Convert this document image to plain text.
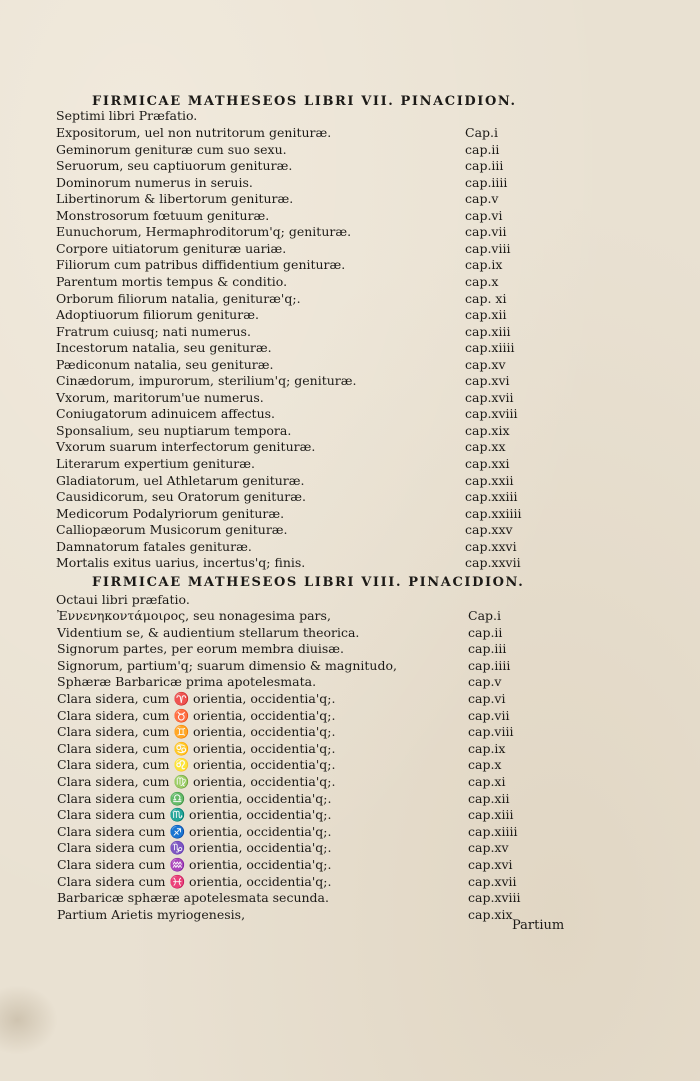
FIRMICAE MATHESEOS LIBRI VII. PINACIDION.
Septimi libri Præfatio.
Expositorum, uel non nutritorum genituræ.	Cap.i
Geminorum genituræ cum suo sexu.	cap.ii
Seruorum, seu captiuorum genituræ.	cap.iii
Dominorum numerus in seruis.	cap.iiii
Libertinorum & libertorum genituræ.	cap.v
Monstrosorum fœtuum genituræ.	cap.vi
Eunuchorum, Hermaphroditorum'q; genituræ.	cap.vii
Corpore uitiatorum genituræ uariæ.	cap.viii
Filiorum cum patribus diffidentium genituræ.	cap.ix
Parentum mortis tempus & conditio.	cap.x
Orborum filiorum natalia, genituræ'q;.	cap. xi
Adoptiuorum filiorum genituræ.	cap.xii
Fratrum cuiusq; nati numerus.	cap.xiii
Incestorum natalia, seu genituræ.	cap.xiiii
Pædiconum natalia, seu genituræ.	cap.xv
Cinædorum, impurorum, sterilium'q; genituræ.	cap.xvi
Vxorum, maritorum'ue numerus.	cap.xvii
Coniugatorum adinuicem affectus.	cap.xviii
Sponsalium, seu nuptiarum tempora.	cap.xix
Vxorum suarum interfectorum genituræ.	cap.xx
Literarum expertium genituræ.	cap.xxi
Gladiatorum, uel Athletarum genituræ.	cap.xxii
Causidicorum, seu Oratorum genituræ.	cap.xxiii
Medicorum Podalyriorum genituræ.	cap.xxiiii
Calliopæorum Musicorum genituræ.	cap.xxv
Damnatorum fatales genituræ.	cap.xxvi
Mortalis exitus uarius, incertus'q; finis.	cap.xxvii
FIRMICAE MATHESEOS LIBRI VIII. PINACIDION.
Octaui libri præfatio.
Ἐννενηκοντάμοιρος, seu nonagesima pars,	Cap.i
Videntium se, & audientium stellarum theorica.	cap.ii
Signorum partes, per eorum membra diuisæ.	cap.iii
Signorum, partium'q; suarum dimensio & magnitudo,	cap.iiii
Sphæræ Barbaricæ prima apotelesmata.	cap.v
Clara sidera, cum ♈ orientia, occidentia'q;.	cap.vi
Clara sidera, cum ♉ orientia, occidentia'q;.	cap.vii
Clara sidera, cum ♊ orientia, occidentia'q;.	cap.viii
Clara sidera, cum ♋ orientia, occidentia'q;.	cap.ix
Clara sidera, cum ♌ orientia, occidentia'q;.	cap.x
Clara sidera, cum ♍ orientia, occidentia'q;.	cap.xi
Clara sidera cum ♎ orientia, occidentia'q;.	cap.xii
Clara sidera cum ♏ orientia, occidentia'q;.	cap.xiii
Clara sidera cum ♐ orientia, occidentia'q;.	cap.xiiii
Clara sidera cum ♑ orientia, occidentia'q;.	cap.xv
Clara sidera cum ♒ orientia, occidentia'q;.	cap.xvi
Clara sidera cum ♓ orientia, occidentia'q;.	cap.xvii
Barbaricæ sphæræ apotelesmata secunda.	cap.xviii
Partium Arietis myriogenesis,	cap.xix
Partium
